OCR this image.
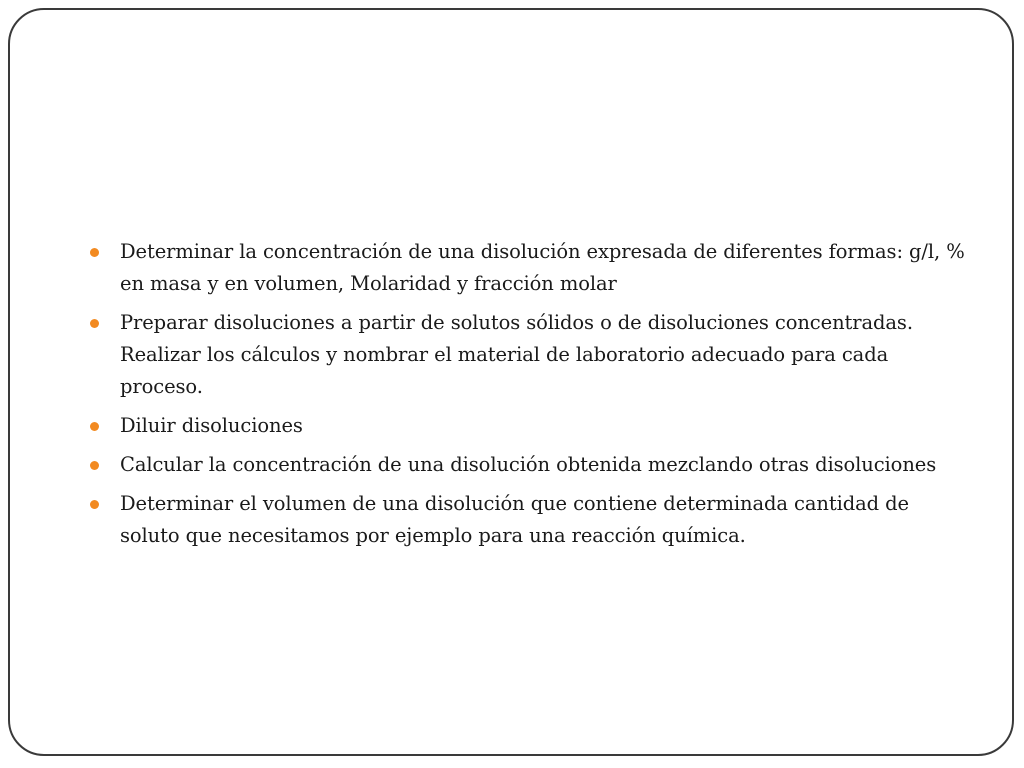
Determinar la concentración de una disolución expresada de diferentes formas: g/l, % en masa y en volumen, Molaridad y fracción molar
Preparar disoluciones a partir de solutos sólidos o de disoluciones concentradas. Realizar los cálculos y nombrar el material de laboratorio adecuado para cada proceso.
Diluir disoluciones
Calcular la concentración de una disolución obtenida mezclando otras disoluciones
Determinar el volumen de una disolución que contiene determinada cantidad de soluto que necesitamos por ejemplo para una reacción química.
